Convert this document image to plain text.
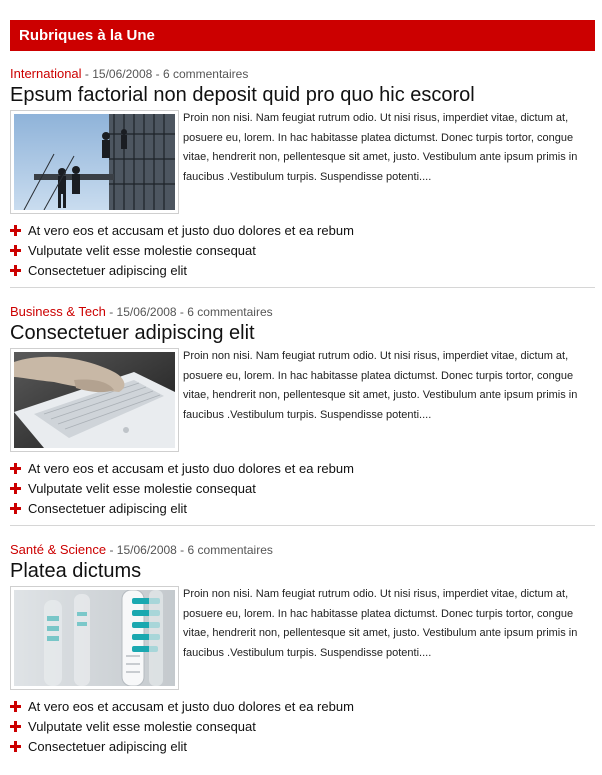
Rubriques à la Une
International - 15/06/2008 - 6 commentaires
Epsum factorial non deposit quid pro quo hic escorol

Proin non nisi. Nam feugiat rutrum odio. Ut nisi risus, imperdiet vitae, dictum at, posuere eu, lorem. In hac habitasse platea dictumst. Donec turpis tortor, congue vitae, hendrerit non, pellentesque sit amet, justo. Vestibulum ante ipsum primis in faucibus .Vestibulum turpis. Suspendisse potenti....

At vero eos et accusam et justo duo dolores et ea rebum
Vulputate velit esse molestie consequat
Consectetuer adipiscing elit
Business & Tech - 15/06/2008 - 6 commentaires
Consectetuer adipiscing elit

Proin non nisi. Nam feugiat rutrum odio. Ut nisi risus, imperdiet vitae, dictum at, posuere eu, lorem. In hac habitasse platea dictumst. Donec turpis tortor, congue vitae, hendrerit non, pellentesque sit amet, justo. Vestibulum ante ipsum primis in faucibus .Vestibulum turpis. Suspendisse potenti....

At vero eos et accusam et justo duo dolores et ea rebum
Vulputate velit esse molestie consequat
Consectetuer adipiscing elit
Santé & Science - 15/06/2008 - 6 commentaires
Platea dictums

Proin non nisi. Nam feugiat rutrum odio. Ut nisi risus, imperdiet vitae, dictum at, posuere eu, lorem. In hac habitasse platea dictumst. Donec turpis tortor, congue vitae, hendrerit non, pellentesque sit amet, justo. Vestibulum ante ipsum primis in faucibus .Vestibulum turpis. Suspendisse potenti....

At vero eos et accusam et justo duo dolores et ea rebum
Vulputate velit esse molestie consequat
Consectetuer adipiscing elit
